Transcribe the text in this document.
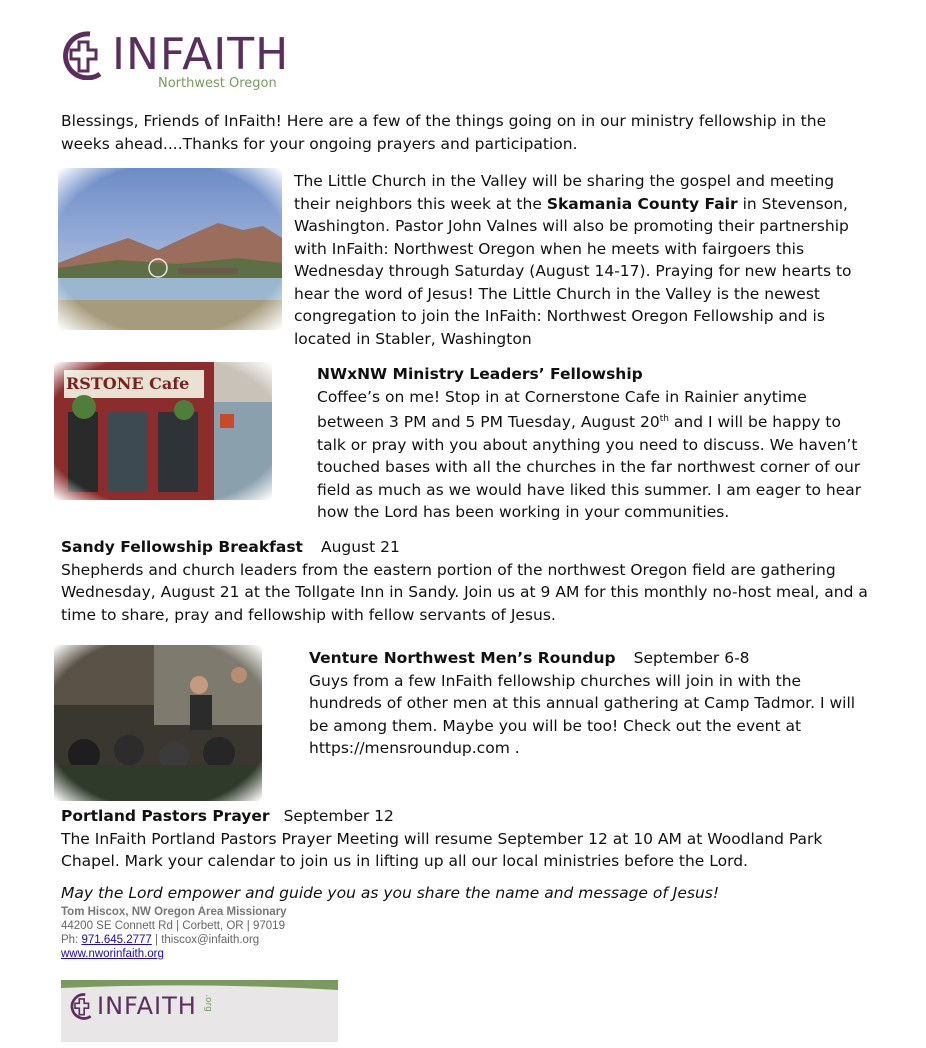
INFAITH
Northwest Oregon
Blessings, Friends of InFaith! Here are a few of the things going on in our ministry fellowship in the
weeks ahead....Thanks for your ongoing prayers and participation.
The Little Church in the Valley will be sharing the gospel and meeting
their neighbors this week at the Skamania County Fair in Stevenson,
Washington. Pastor John Valnes will also be promoting their partnership
with InFaith: Northwest Oregon when he meets with fairgoers this
Wednesday through Saturday (August 14-17). Praying for new hearts to
hear the word of Jesus! The Little Church in the Valley is the newest
congregation to join the InFaith: Northwest Oregon Fellowship and is
located in Stabler, Washington
RSTONE Cafe	NWxNW Ministry Leaders’ Fellowship
Coffee’s on me! Stop in at Cornerstone Cafe in Rainier anytime
between 3 PM and 5 PM Tuesday, August 20th and I will be happy to
talk or pray with you about anything you need to discuss. We haven’t
touched bases with all the churches in the far northwest corner of our
field as much as we would have liked this summer. I am eager to hear
how the Lord has been working in your communities.
Sandy Fellowship Breakfast August 21
Shepherds and church leaders from the eastern portion of the northwest Oregon field are gathering
Wednesday, August 21 at the Tollgate Inn in Sandy. Join us at 9 AM for this monthly no-host meal, and a
time to share, pray and fellowship with fellow servants of Jesus.
Venture Northwest Men’s Roundup September 6-8
Guys from a few InFaith fellowship churches will join in with the
hundreds of other men at this annual gathering at Camp Tadmor. I will
be among them. Maybe you will be too! Check out the event at
https://mensroundup.com .
Portland Pastors Prayer September 12
The InFaith Portland Pastors Prayer Meeting will resume September 12 at 10 AM at Woodland Park
Chapel. Mark your calendar to join us in lifting up all our local ministries before the Lord.
May the Lord empower and guide you as you share the name and message of Jesus!
Tom Hiscox, NW Oregon Area Missionary
44200 SE Connett Rd | Corbett, OR | 97019
Ph: 971.645.2777 | thiscox@infaith.org
www.nworinfaith.org
INFAITH .org
